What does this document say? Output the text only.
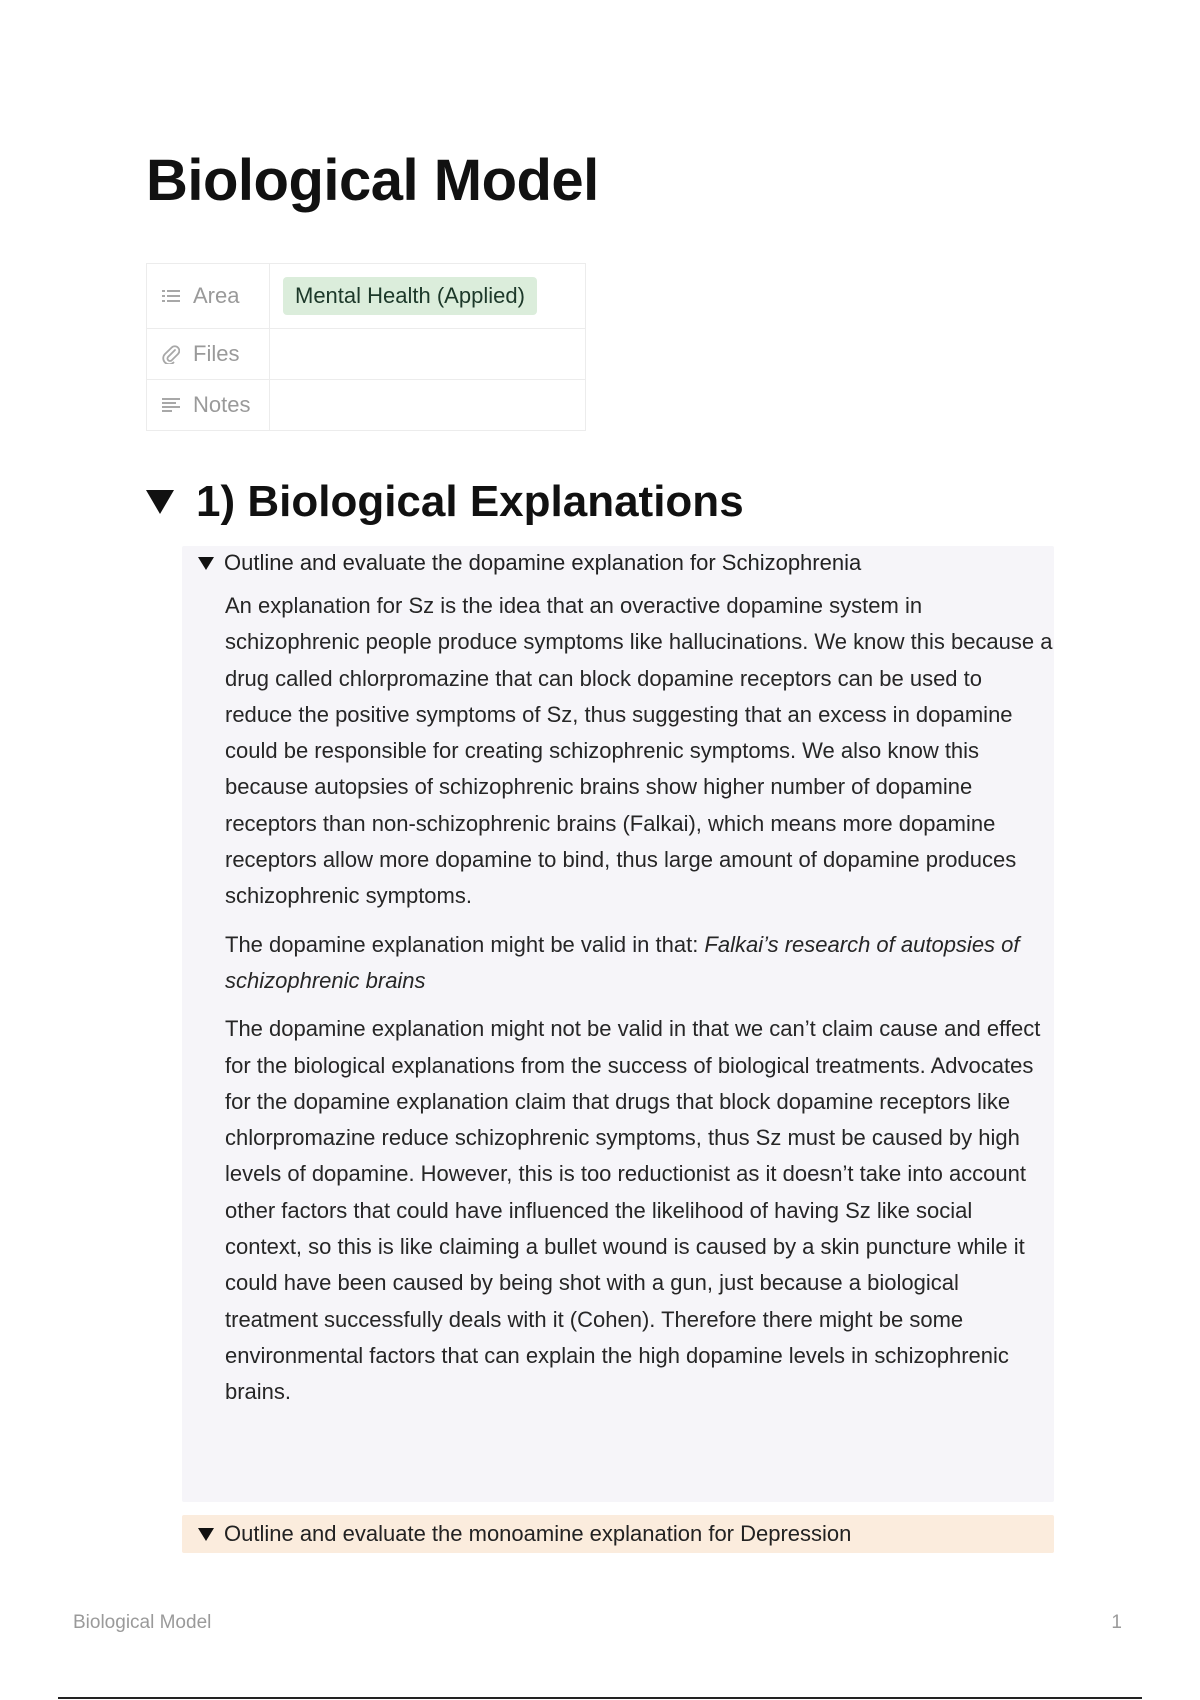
Biological Model
Area	Mental Health (Applied)

Files	

Notes	

1) Biological Explanations
Outline and evaluate the dopamine explanation for Schizophrenia

An explanation for Sz is the idea that an overactive dopamine system in schizophrenic people produce symptoms like hallucinations. We know this because a drug called chlorpromazine that can block dopamine receptors can be used to reduce the positive symptoms of Sz, thus suggesting that an excess in dopamine could be responsible for creating schizophrenic symptoms. We also know this because autopsies of schizophrenic brains show higher number of dopamine receptors than non-schizophrenic brains (Falkai), which means more dopamine receptors allow more dopamine to bind, thus large amount of dopamine produces schizophrenic symptoms.

The dopamine explanation might be valid in that: Falkai’s research of autopsies of schizophrenic brains

The dopamine explanation might not be valid in that we can’t claim cause and effect for the biological explanations from the success of biological treatments. Advocates for the dopamine explanation claim that drugs that block dopamine receptors like chlorpromazine reduce schizophrenic symptoms, thus Sz must be caused by high levels of dopamine. However, this is too reductionist as it doesn’t take into account other factors that could have influenced the likelihood of having Sz like social context, so this is like claiming a bullet wound is caused by a skin puncture while it could have been caused by being shot with a gun, just because a biological treatment successfully deals with it (Cohen). Therefore there might be some environmental factors that can explain the high dopamine levels in schizophrenic brains.

Outline and evaluate the monoamine explanation for Depression
Biological Model	1
